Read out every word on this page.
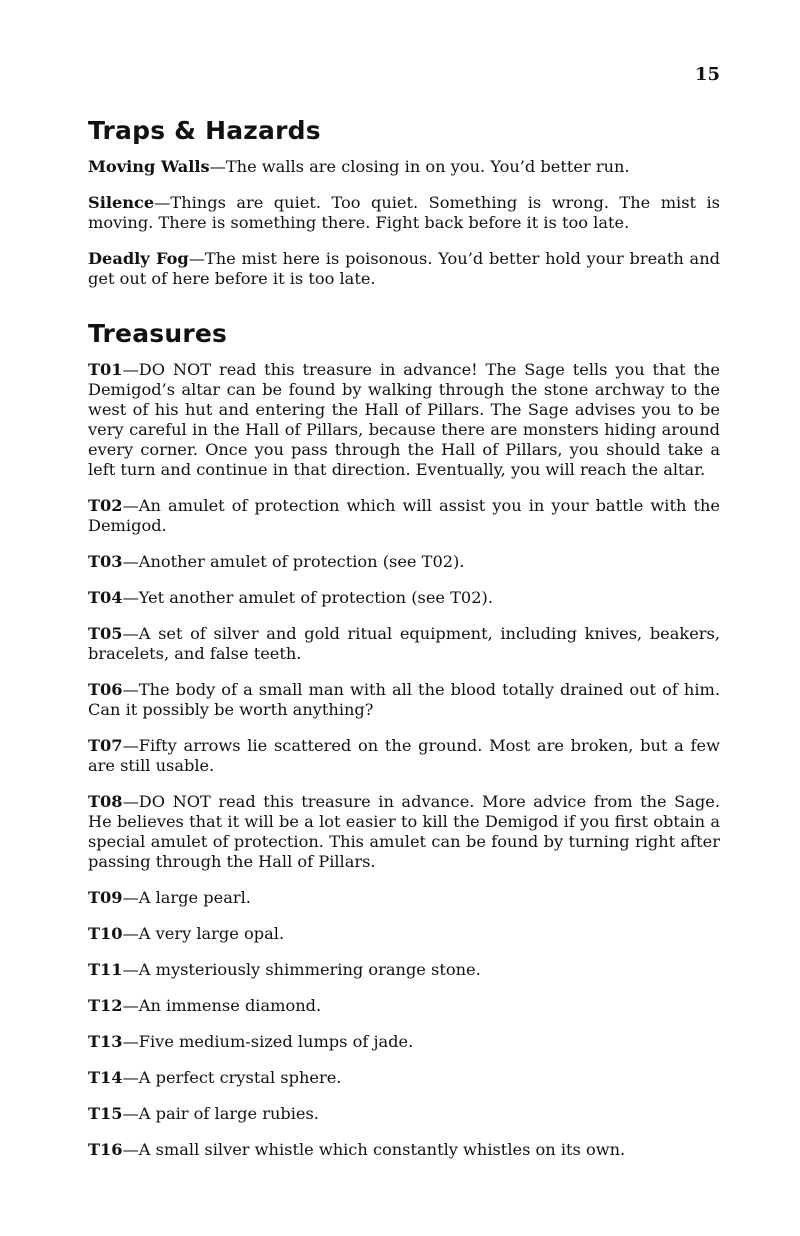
15
Traps & Hazards

Moving Walls—The walls are closing in on you. You’d better run.

Silence—Things are quiet. Too quiet. Something is wrong. The mist is moving. There is something there. Fight back before it is too late.

Deadly Fog—The mist here is poisonous. You’d better hold your breath and get out of here before it is too late.

Treasures

T01—DO NOT read this treasure in advance! The Sage tells you that the Demigod’s altar can be found by walking through the stone archway to the west of his hut and entering the Hall of Pillars. The Sage advises you to be very careful in the Hall of Pillars, because there are monsters hiding around every corner. Once you pass through the Hall of Pillars, you should take a left turn and continue in that direction. Eventually, you will reach the altar.

T02—An amulet of protection which will assist you in your battle with the Demigod.

T03—Another amulet of protection (see T02).

T04—Yet another amulet of protection (see T02).

T05—A set of silver and gold ritual equipment, including knives, beakers, bracelets, and false teeth.

T06—The body of a small man with all the blood totally drained out of him. Can it possibly be worth anything?

T07—Fifty arrows lie scattered on the ground. Most are broken, but a few are still usable.

T08—DO NOT read this treasure in advance. More advice from the Sage. He believes that it will be a lot easier to kill the Demigod if you first obtain a special amulet of protection. This amulet can be found by turning right after passing through the Hall of Pillars.

T09—A large pearl.

T10—A very large opal.

T11—A mysteriously shimmering orange stone.

T12—An immense diamond.

T13—Five medium-sized lumps of jade.

T14—A perfect crystal sphere.

T15—A pair of large rubies.

T16—A small silver whistle which constantly whistles on its own.
